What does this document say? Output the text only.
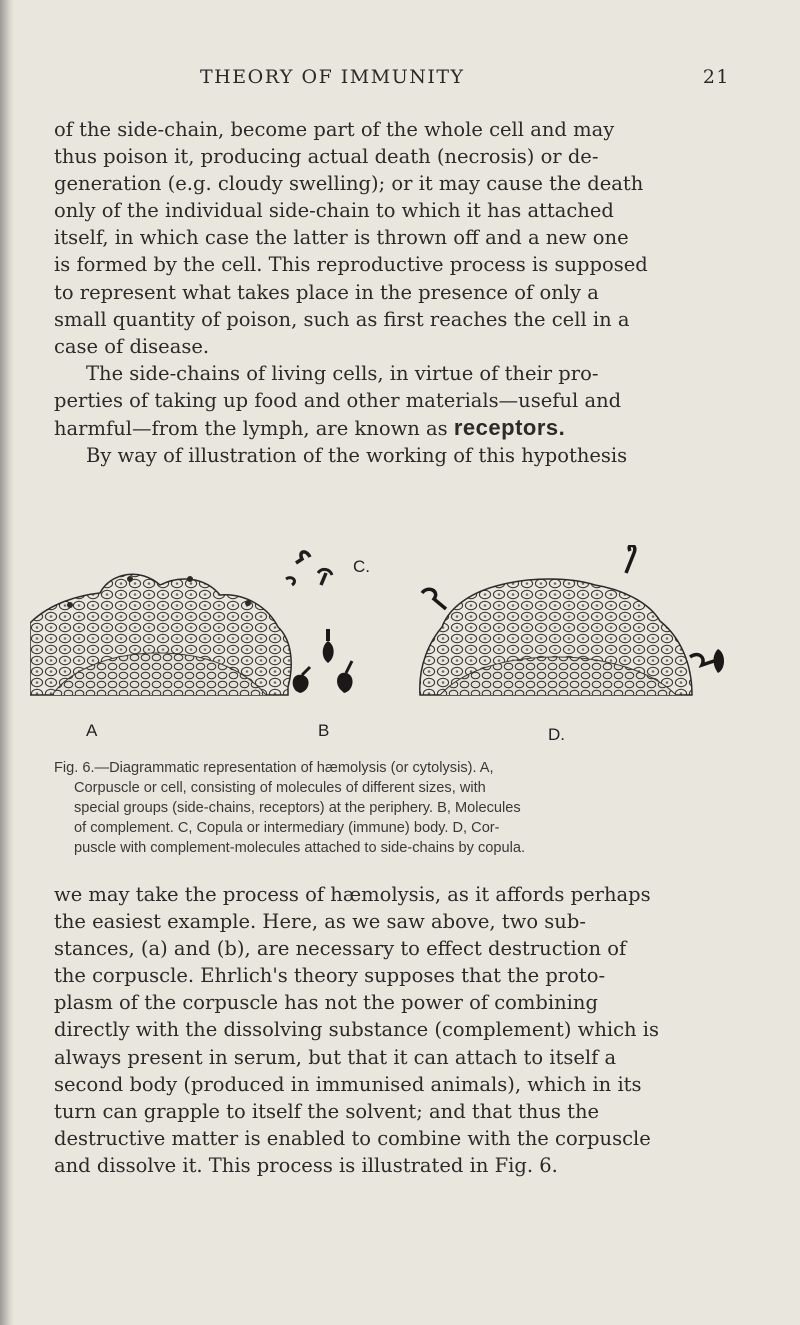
THEORY OF IMMUNITY	21

of the side-chain, become part of the whole cell and may
thus poison it, producing actual death (necrosis) or de-
generation (e.g. cloudy swelling); or it may cause the death
only of the individual side-chain to which it has attached
itself, in which case the latter is thrown off and a new one
is formed by the cell. This reproductive process is supposed
to represent what takes place in the presence of only a
small quantity of poison, such as first reaches the cell in a
case of disease.

The side-chains of living cells, in virtue of their pro-
perties of taking up food and other materials—useful and
harmful—from the lymph, are known as receptors.
By way of illustration of the working of this hypothesis

A	B
C.
D.
Fig. 6.—Diagrammatic representation of hæmolysis (or cytolysis). A,
Corpuscle or cell, consisting of molecules of different sizes, with
special groups (side-chains, receptors) at the periphery. B, Molecules
of complement. C, Copula or intermediary (immune) body. D, Cor-
puscle with complement-molecules attached to side-chains by copula.

we may take the process of hæmolysis, as it affords perhaps
the easiest example. Here, as we saw above, two sub-
stances, (a) and (b), are necessary to effect destruction of
the corpuscle. Ehrlich's theory supposes that the proto-
plasm of the corpuscle has not the power of combining
directly with the dissolving substance (complement) which is
always present in serum, but that it can attach to itself a
second body (produced in immunised animals), which in its
turn can grapple to itself the solvent; and that thus the
destructive matter is enabled to combine with the corpuscle
and dissolve it. This process is illustrated in Fig. 6.
